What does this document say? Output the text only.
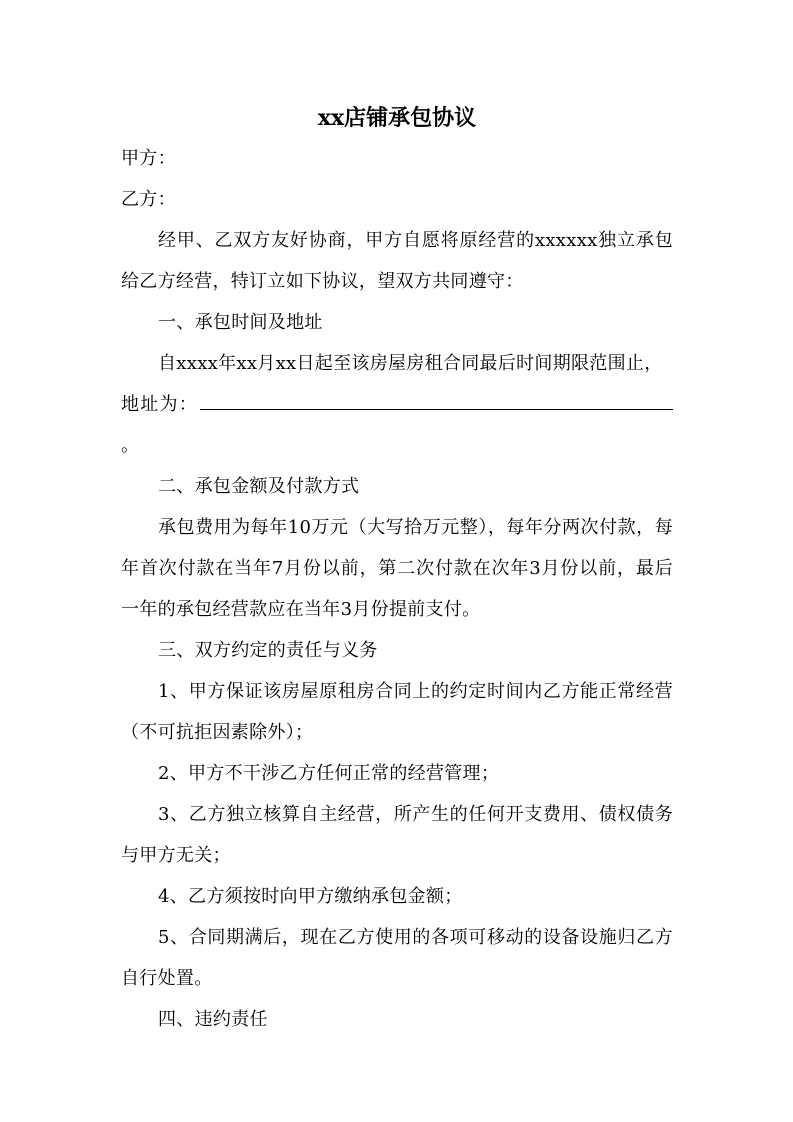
xx店铺承包协议

甲方：

乙方：

经甲、乙双方友好协商，甲方自愿将原经营的xxxxxx独立承包给乙方经营，特订立如下协议，望双方共同遵守：

一、承包时间及地址

自xxxx年xx月xx日起至该房屋房租合同最后时间期限范围止，

地址为：。

二、承包金额及付款方式

承包费用为每年10万元（大写拾万元整），每年分两次付款，每年首次付款在当年7月份以前，第二次付款在次年3月份以前，最后一年的承包经营款应在当年3月份提前支付。

三、双方约定的责任与义务

1、甲方保证该房屋原租房合同上的约定时间内乙方能正常经营（不可抗拒因素除外）；

2、甲方不干涉乙方任何正常的经营管理；

3、乙方独立核算自主经营，所产生的任何开支费用、债权债务与甲方无关；

4、乙方须按时向甲方缴纳承包金额；

5、合同期满后，现在乙方使用的各项可移动的设备设施归乙方自行处置。

四、违约责任
